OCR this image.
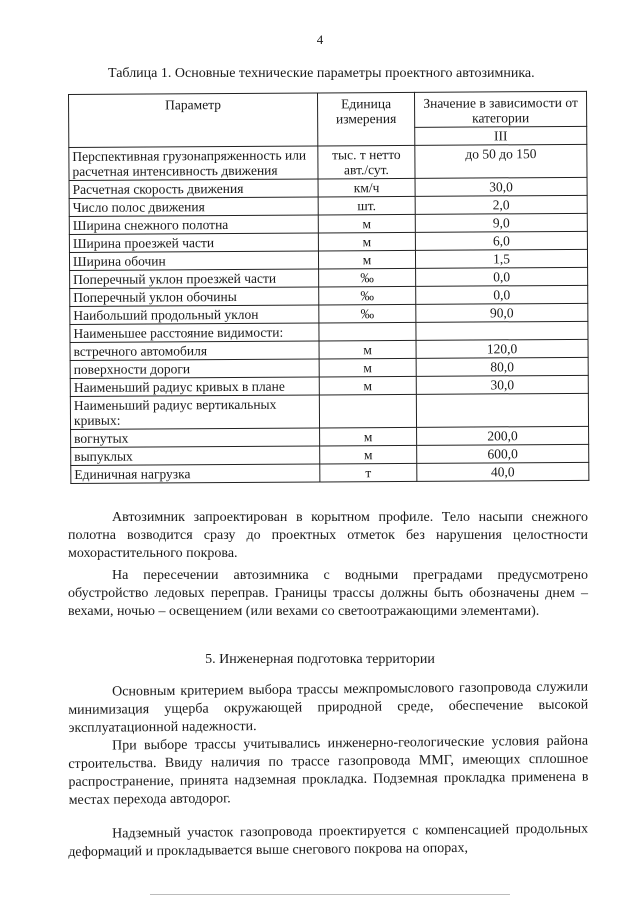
4
Таблица 1. Основные технические параметры проектного автозимника.
Параметр	Единица измерения	Значение в зависимости от категории
		III
Перспективная грузонапряженность или расчетная интенсивность движения	тыс. т нетто авт./сут.	до 50 до 150
Расчетная скорость движения	км/ч	30,0
Число полос движения	шт.	2,0
Ширина снежного полотна	м	9,0
Ширина проезжей части	м	6,0
Ширина обочин	м	1,5
Поперечный уклон проезжей части	‰	0,0
Поперечный уклон обочины	‰	0,0
Наибольший продольный уклон	‰	90,0
Наименьшее расстояние видимости:		
встречного автомобиля	м	120,0
поверхности дороги	м	80,0
Наименьший радиус кривых в плане	м	30,0
Наименьший радиус вертикальных кривых:		
вогнутых	м	200,0
выпуклых	м	600,0
Единичная нагрузка	т	40,0
Автозимник запроектирован в корытном профиле. Тело насыпи снежного полотна возводится сразу до проектных отметок без нарушения целостности мохорастительного покрова.
На пересечении автозимника с водными преградами предусмотрено обустройство ледовых переправ. Границы трассы должны быть обозначены днем – вехами, ночью – освещением (или вехами со светоотражающими элементами).
5. Инженерная подготовка территории
Основным критерием выбора трассы межпромыслового газопровода служили минимизация ущерба окружающей природной среде, обеспечение высокой эксплуатационной надежности.
При выборе трассы учитывались инженерно-геологические условия района строительства. Ввиду наличия по трассе газопровода ММГ, имеющих сплошное распространение, принята надземная прокладка. Подземная прокладка применена в местах перехода автодорог.
Надземный участок газопровода проектируется с компенсацией продольных деформаций и прокладывается выше снегового покрова на опорах,
